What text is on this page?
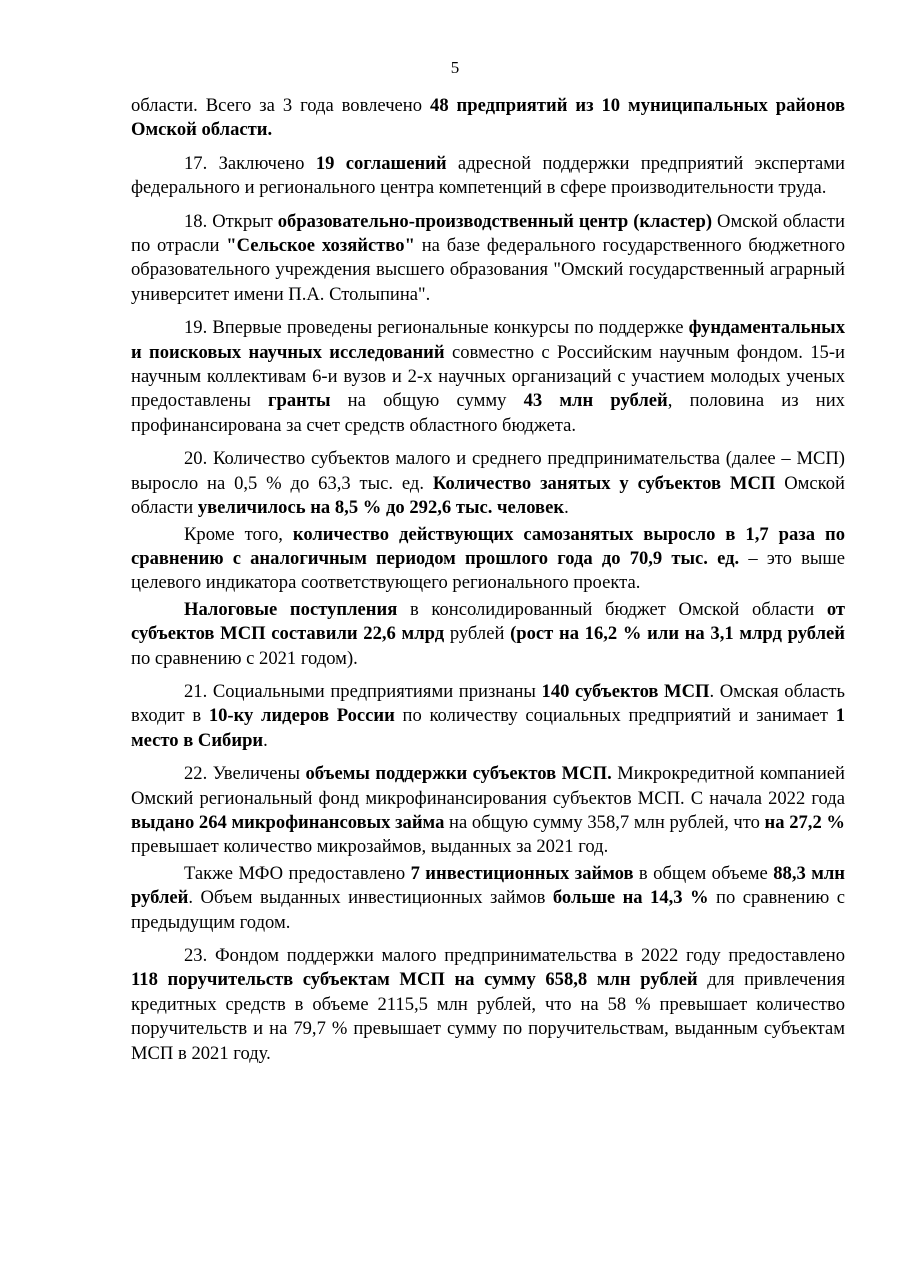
5

области. Всего за 3 года вовлечено 48 предприятий из 10 муниципальных районов Омской области.

17. Заключено 19 соглашений адресной поддержки предприятий экспертами федерального и регионального центра компетенций в сфере производительности труда.

18. Открыт образовательно-производственный центр (кластер) Омской области по отрасли "Сельское хозяйство" на базе федерального государственного бюджетного образовательного учреждения высшего образования "Омский государственный аграрный университет имени П.А. Столыпина".

19. Впервые проведены региональные конкурсы по поддержке фундаментальных и поисковых научных исследований совместно с Российским научным фондом. 15-и научным коллективам 6-и вузов и 2-х научных организаций с участием молодых ученых предоставлены гранты на общую сумму 43 млн рублей, половина из них профинансирована за счет средств областного бюджета.

20. Количество субъектов малого и среднего предпринимательства (далее – МСП) выросло на 0,5 % до 63,3 тыс. ед. Количество занятых у субъектов МСП Омской области увеличилось на 8,5 % до 292,6 тыс. человек.

Кроме того, количество действующих самозанятых выросло в 1,7 раза по сравнению с аналогичным периодом прошлого года до 70,9 тыс. ед. – это выше целевого индикатора соответствующего регионального проекта.

Налоговые поступления в консолидированный бюджет Омской области от субъектов МСП составили 22,6 млрд рублей (рост на 16,2 % или на 3,1 млрд рублей по сравнению с 2021 годом).

21. Социальными предприятиями признаны 140 субъектов МСП. Омская область входит в 10-ку лидеров России по количеству социальных предприятий и занимает 1 место в Сибири.

22. Увеличены объемы поддержки субъектов МСП. Микрокредитной компанией Омский региональный фонд микрофинансирования субъектов МСП. С начала 2022 года выдано 264 микрофинансовых займа на общую сумму 358,7 млн рублей, что на 27,2 % превышает количество микрозаймов, выданных за 2021 год.

Также МФО предоставлено 7 инвестиционных займов в общем объеме 88,3 млн рублей. Объем выданных инвестиционных займов больше на 14,3 % по сравнению с предыдущим годом.

23. Фондом поддержки малого предпринимательства в 2022 году предоставлено 118 поручительств субъектам МСП на сумму 658,8 млн рублей для привлечения кредитных средств в объеме 2115,5 млн рублей, что на 58 % превышает количество поручительств и на 79,7 % превышает сумму по поручительствам, выданным субъектам МСП в 2021 году.
